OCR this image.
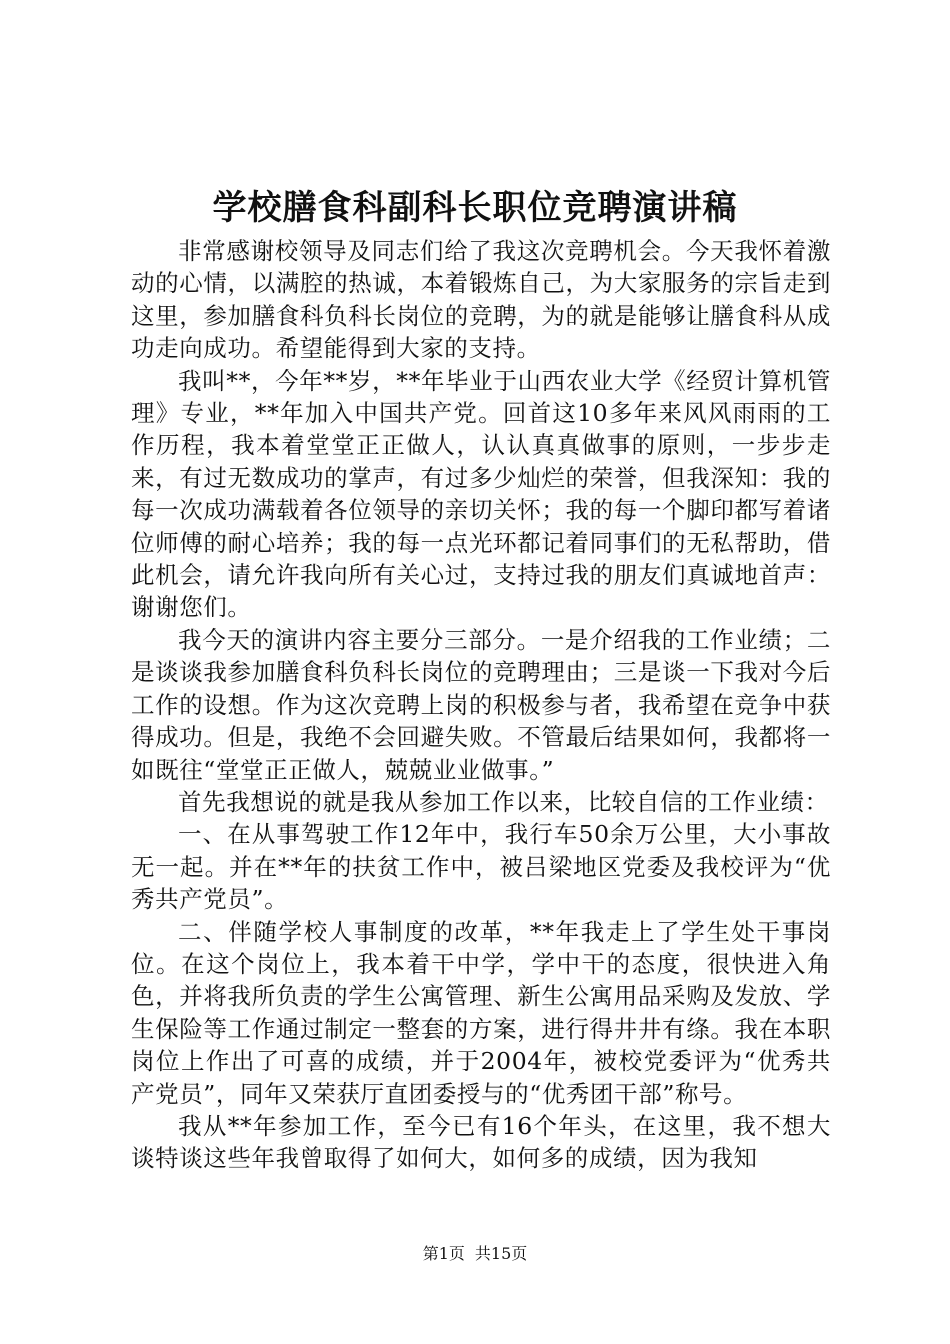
学校膳食科副科长职位竞聘演讲稿

非常感谢校领导及同志们给了我这次竞聘机会。今天我怀着激动的心情，以满腔的热诚，本着锻炼自己，为大家服务的宗旨走到这里，参加膳食科负科长岗位的竞聘，为的就是能够让膳食科从成功走向成功。希望能得到大家的支持。

我叫**，今年**岁，**年毕业于山西农业大学《经贸计算机管理》专业，**年加入中国共产党。回首这10多年来风风雨雨的工作历程，我本着堂堂正正做人，认认真真做事的原则，一步步走来，有过无数成功的掌声，有过多少灿烂的荣誉，但我深知：我的每一次成功满载着各位领导的亲切关怀；我的每一个脚印都写着诸位师傅的耐心培养；我的每一点光环都记着同事们的无私帮助，借此机会，请允许我向所有关心过，支持过我的朋友们真诚地首声：谢谢您们。

我今天的演讲内容主要分三部分。一是介绍我的工作业绩；二是谈谈我参加膳食科负科长岗位的竞聘理由；三是谈一下我对今后工作的设想。作为这次竞聘上岗的积极参与者，我希望在竞争中获得成功。但是，我绝不会回避失败。不管最后结果如何，我都将一如既往“堂堂正正做人，兢兢业业做事。”

首先我想说的就是我从参加工作以来，比较自信的工作业绩：

一、在从事驾驶工作12年中，我行车50余万公里，大小事故无一起。并在**年的扶贫工作中，被吕梁地区党委及我校评为“优秀共产党员”。

二、伴随学校人事制度的改革，**年我走上了学生处干事岗位。在这个岗位上，我本着干中学，学中干的态度，很快进入角色，并将我所负责的学生公寓管理、新生公寓用品采购及发放、学生保险等工作通过制定一整套的方案，进行得井井有绦。我在本职岗位上作出了可喜的成绩，并于2004年，被校党委评为“优秀共产党员”，同年又荣获厅直团委授与的“优秀团干部”称号。

我从**年参加工作，至今已有16个年头，在这里，我不想大谈特谈这些年我曾取得了如何大，如何多的成绩，因为我知

第1页 共15页
